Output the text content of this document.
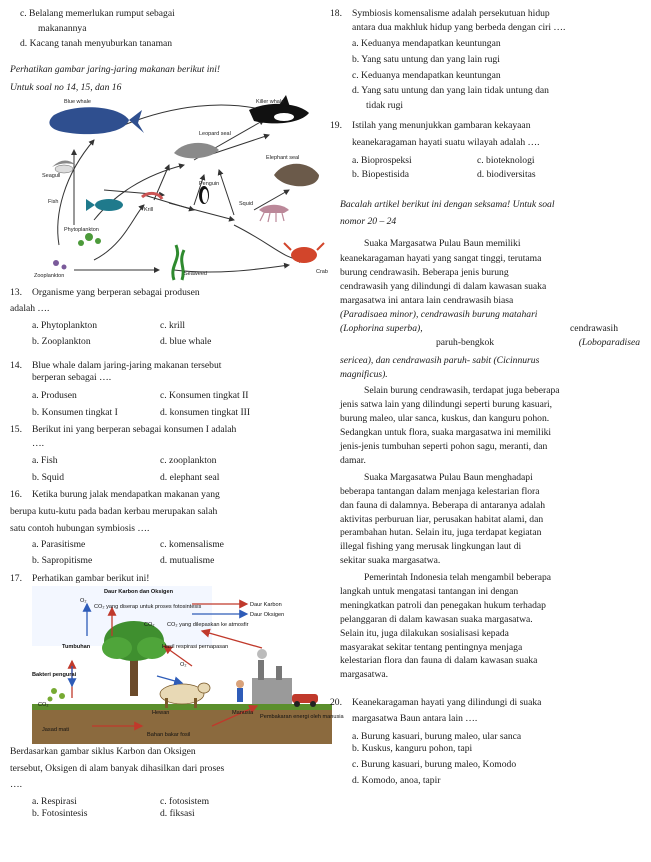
c. Belalang memerlukan rumput sebagai

makanannya

d. Kacang tanah menyuburkan tanaman

Perhatikan gambar jaring-jaring makanan berikut ini!

Untuk soal no 14, 15, dan 16

Blue whale	Killer whale
Leopard seal
Seagull
Penguin
Elephant seal
Fish
Krill
Squid
Phytoplankton
Zooplankton	Seaweed	Crab
13.	Organisme yang berperan sebagai produsen

adalah ….

a. Phytoplankton	c. krill
b. Zooplankton	d. blue whale
14.	Blue whale dalam jaring-jaring makanan tersebut

berperan sebagai ….

a. Produsen	c. Konsumen tingkat II
b. Konsumen tingkat I	d. konsumen tingkat III
15.	Berikut ini yang berperan sebagai konsumen I adalah

….

a. Fish	c. zooplankton
b. Squid	d. elephant seal
16.	Ketika burung jalak mendapatkan makanan yang

berupa kutu-kutu pada badan kerbau merupakan salah

satu contoh hubungan symbiosis ….

a. Parasitisme	c. komensalisme
b. Sapropitisme	d. mutualisme
17.	Perhatikan gambar berikut ini!
Daur Karbon dan Oksigen
O₂
CO₂ yang diserap untuk proses fotosintesis	Daur Karbon
Daur Oksigen
CO₂ CO₂ yang dilepaskan ke atmosfir
Tumbuhan	Hasil respirasi pernapasan
O₂
Bakteri pengurai
CO₂
Hewan	Manusia
Pembakaran energi oleh manusia
Jasad mati
Bahan bakar fosil

Berdasarkan gambar siklus Karbon dan Oksigen

tersebut, Oksigen di alam banyak dihasilkan dari proses

….

a. Respirasi	c. fotosistem
b. Fotosintesis	d. fiksasi
18.	Symbiosis komensalisme adalah persekutuan hidup

antara dua makhluk hidup yang berbeda dengan ciri ….

a. Keduanya mendapatkan keuntungan

b. Yang satu untung dan yang lain rugi

c. Keduanya mendapatkan keuntungan

d. Yang satu untung dan yang lain tidak untung dan

tidak rugi

19.	Istilah yang menunjukkan gambaran kekayaan

keanekaragaman hayati suatu wilayah adalah ….

a. Bioprospeksi	c. bioteknologi
b. Biopestisida	d. biodiversitas

Bacalah artikel berikut ini dengan seksama! Untuk soal

nomor 20 – 24

Suaka Margasatwa Pulau Baun memiliki

keanekaragaman hayati yang sangat tinggi, terutama

burung cendrawasih. Beberapa jenis burung

cendrawasih yang dilindungi di dalam kawasan suaka

margasatwa ini antara lain cendrawasih biasa

(Paradisaea minor), cendrawasih burung matahari

(Lophorina superba),	cendrawasih
paruh-bengkok	(Loboparadisea

sericea), dan cendrawasih paruh- sabit (Cicinnurus

magnificus).

Selain burung cendrawasih, terdapat juga beberapa

jenis satwa lain yang dilindungi seperti burung kasuari,

burung maleo, ular sanca, kuskus, dan kanguru pohon.

Sedangkan untuk flora, suaka margasatwa ini memiliki

jenis-jenis tumbuhan seperti pohon sagu, meranti, dan

damar.

Suaka Margasatwa Pulau Baun menghadapi

beberapa tantangan dalam menjaga kelestarian flora

dan fauna di dalamnya. Beberapa di antaranya adalah

aktivitas perburuan liar, perusakan habitat alami, dan

perambahan hutan. Selain itu, juga terdapat kegiatan

illegal fishing yang merusak lingkungan laut di

sekitar suaka margasatwa.

Pemerintah Indonesia telah mengambil beberapa

langkah untuk mengatasi tantangan ini dengan

meningkatkan patroli dan penegakan hukum terhadap

pelanggaran di dalam kawasan suaka margasatwa.

Selain itu, juga dilakukan sosialisasi kepada

masyarakat sekitar tentang pentingnya menjaga

kelestarian flora dan fauna di dalam kawasan suaka

margasatwa.

20.	Keanekaragaman hayati yang dilindungi di suaka

margasatwa Baun antara lain ….

a. Burung kasuari, burung maleo, ular sanca

b. Kuskus, kanguru pohon, tapi

c. Burung kasuari, burung maleo, Komodo

d. Komodo, anoa, tapir
